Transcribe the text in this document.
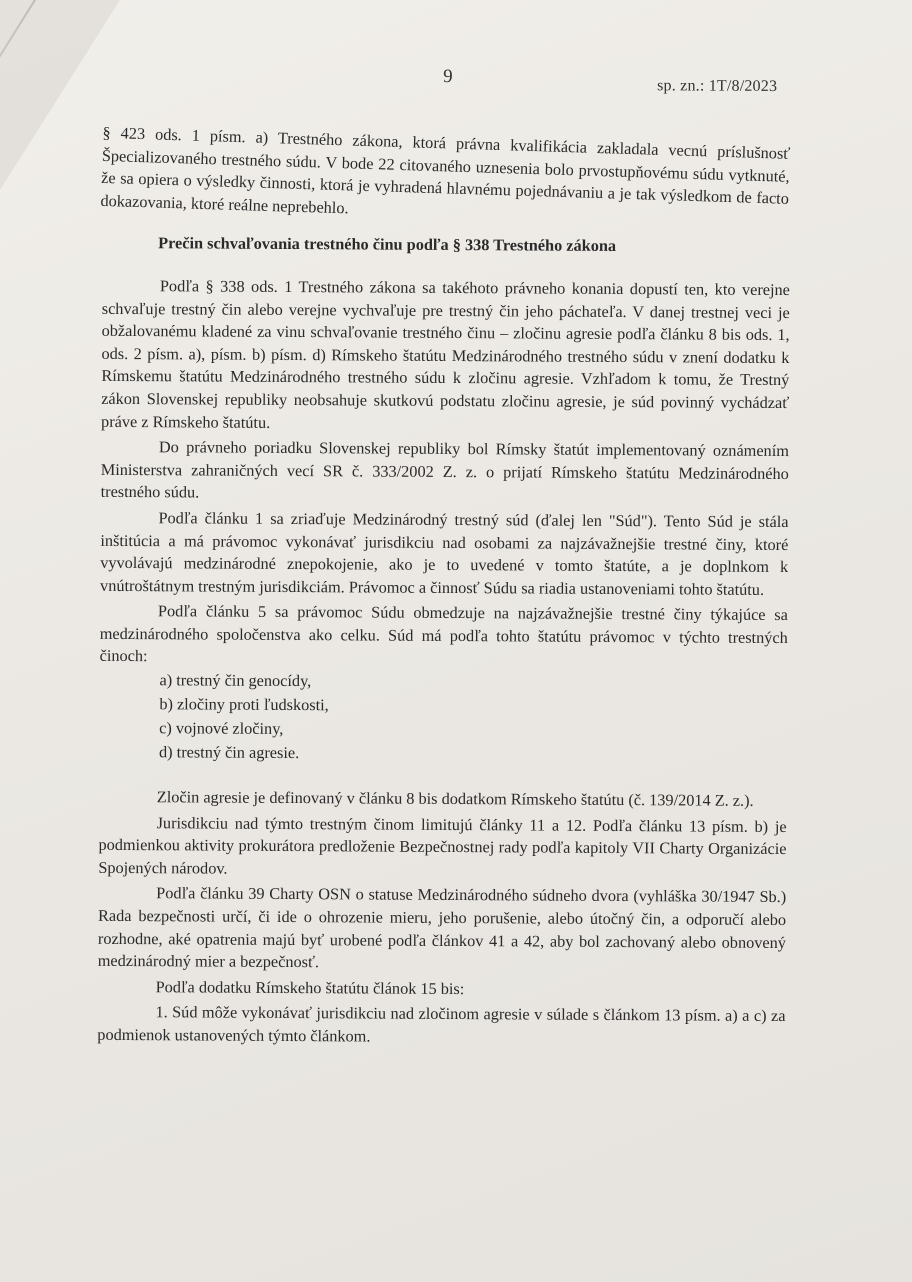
9	sp. zn.: 1T/8/2023

§ 423 ods. 1 písm. a) Trestného zákona, ktorá právna kvalifikácia zakladala vecnú príslušnosť Špecializovaného trestného súdu. V bode 22 citovaného uznesenia bolo prvostupňovému súdu vytknuté, že sa opiera o výsledky činnosti, ktorá je vyhradená hlavnému pojednávaniu a je tak výsledkom de facto dokazovania, ktoré reálne neprebehlo.

Prečin schvaľovania trestného činu podľa § 338 Trestného zákona

Podľa § 338 ods. 1 Trestného zákona sa takéhoto právneho konania dopustí ten, kto verejne schvaľuje trestný čin alebo verejne vychvaľuje pre trestný čin jeho páchateľa. V danej trestnej veci je obžalovanému kladené za vinu schvaľovanie trestného činu – zločinu agresie podľa článku 8 bis ods. 1, ods. 2 písm. a), písm. b) písm. d) Rímskeho štatútu Medzinárodného trestného súdu v znení dodatku k Rímskemu štatútu Medzinárodného trestného súdu k zločinu agresie. Vzhľadom k tomu, že Trestný zákon Slovenskej republiky neobsahuje skutkovú podstatu zločinu agresie, je súd povinný vychádzať práve z Rímskeho štatútu.

Do právneho poriadku Slovenskej republiky bol Rímsky štatút implementovaný oznámením Ministerstva zahraničných vecí SR č. 333/2002 Z. z. o prijatí Rímskeho štatútu Medzinárodného trestného súdu.

Podľa článku 1 sa zriaďuje Medzinárodný trestný súd (ďalej len "Súd"). Tento Súd je stála inštitúcia a má právomoc vykonávať jurisdikciu nad osobami za najzávažnejšie trestné činy, ktoré vyvolávajú medzinárodné znepokojenie, ako je to uvedené v tomto štatúte, a je doplnkom k vnútroštátnym trestným jurisdikciám. Právomoc a činnosť Súdu sa riadia ustanoveniami tohto štatútu.

Podľa článku 5 sa právomoc Súdu obmedzuje na najzávažnejšie trestné činy týkajúce sa medzinárodného spoločenstva ako celku. Súd má podľa tohto štatútu právomoc v týchto trestných činoch:

a) trestný čin genocídy,
b) zločiny proti ľudskosti,
c) vojnové zločiny,
d) trestný čin agresie.

Zločin agresie je definovaný v článku 8 bis dodatkom Rímskeho štatútu (č. 139/2014 Z. z.).

Jurisdikciu nad týmto trestným činom limitujú články 11 a 12. Podľa článku 13 písm. b) je podmienkou aktivity prokurátora predloženie Bezpečnostnej rady podľa kapitoly VII Charty Organizácie Spojených národov.

Podľa článku 39 Charty OSN o statuse Medzinárodného súdneho dvora (vyhláška 30/1947 Sb.) Rada bezpečnosti určí, či ide o ohrozenie mieru, jeho porušenie, alebo útočný čin, a odporučí alebo rozhodne, aké opatrenia majú byť urobené podľa článkov 41 a 42, aby bol zachovaný alebo obnovený medzinárodný mier a bezpečnosť.

Podľa dodatku Rímskeho štatútu článok 15 bis:

1. Súd môže vykonávať jurisdikciu nad zločinom agresie v súlade s článkom 13 písm. a) a c) za podmienok ustanovených týmto článkom.
